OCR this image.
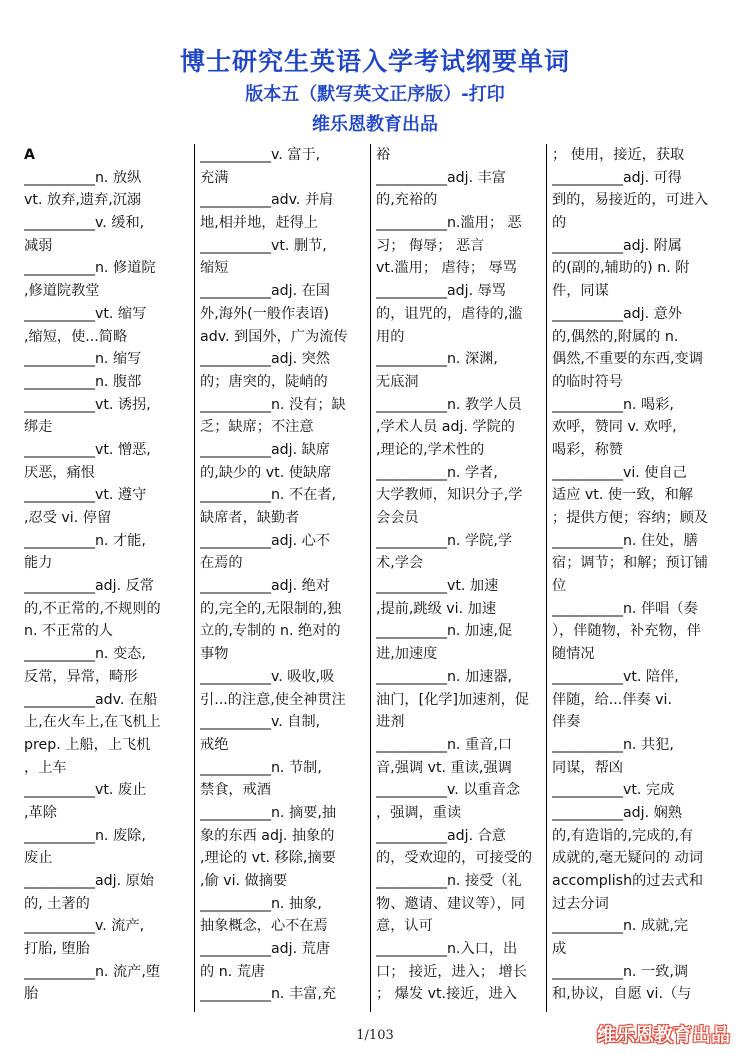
博士研究生英语入学考试纲要单词
版本五（默写英文正序版）-打印
维乐恩教育出品
A
__________n. 放纵
vt. 放弃,遗弃,沉溺
__________v. 缓和,
减弱
__________n. 修道院
,修道院教堂
__________vt. 缩写
,缩短，使...简略
__________n. 缩写
__________n. 腹部
__________vt. 诱拐,
绑走
__________vt. 憎恶,
厌恶，痛恨
__________vt. 遵守
,忍受 vi. 停留
__________n. 才能,
能力
__________adj. 反常
的,不正常的,不规则的
n. 不正常的人
__________n. 变态,
反常，异常，畸形
__________adv. 在船
上,在火车上,在飞机上
prep. 上船，上飞机
，上车
__________vt. 废止
,革除
__________n. 废除,
废止
__________adj. 原始
的, 土著的
__________v. 流产,
打胎, 堕胎
__________n. 流产,堕
胎
__________v. 富于,
充满
__________adv. 并肩
地,相并地，赶得上
__________vt. 删节,
缩短
__________adj. 在国
外,海外(一般作表语)
adv. 到国外，广为流传
__________adj. 突然
的；唐突的，陡峭的
__________n. 没有；缺
乏；缺席；不注意
__________adj. 缺席
的,缺少的 vt. 使缺席
__________n. 不在者,
缺席者，缺勤者
__________adj. 心不
在焉的
__________adj. 绝对
的,完全的,无限制的,独
立的,专制的 n. 绝对的
事物
__________v. 吸收,吸
引...的注意,使全神贯注
__________v. 自制,
戒绝
__________n. 节制,
禁食，戒酒
__________n. 摘要,抽
象的东西 adj. 抽象的
,理论的 vt. 移除,摘要
,偷 vi. 做摘要
__________n. 抽象,
抽象概念，心不在焉
__________adj. 荒唐
的 n. 荒唐
__________n. 丰富,充
裕
__________adj. 丰富
的,充裕的
__________n.滥用； 恶
习； 侮辱； 恶言
vt.滥用； 虐待； 辱骂
__________adj. 辱骂
的，诅咒的，虐待的,滥
用的
__________n. 深渊,
无底洞
__________n. 教学人员
,学术人员 adj. 学院的
,理论的,学术性的
__________n. 学者,
大学教师，知识分子,学
会会员
__________n. 学院,学
术,学会
__________vt. 加速
,提前,跳级 vi. 加速
__________n. 加速,促
进,加速度
__________n. 加速器,
油门，[化学]加速剂，促
进剂
__________n. 重音,口
音,强调 vt. 重读,强调
__________v. 以重音念
，强调，重读
__________adj. 合意
的，受欢迎的，可接受的
__________n. 接受（礼
物、邀请、建议等），同
意，认可
__________n.入口，出
口； 接近，进入； 增长
； 爆发 vt.接近，进入
； 使用，接近，获取
__________adj. 可得
到的，易接近的，可进入
的
__________adj. 附属
的(副的,辅助的) n. 附
件，同谋
__________adj. 意外
的,偶然的,附属的 n.
偶然,不重要的东西,变调
的临时符号
__________n. 喝彩,
欢呼，赞同 v. 欢呼,
喝彩，称赞
__________vi. 使自己
适应 vt. 使一致，和解
；提供方便；容纳；顾及
__________n. 住处，膳
宿；调节；和解；预订铺
位
__________n. 伴唱（奏
），伴随物，补充物，伴
随情况
__________vt. 陪伴,
伴随，给...伴奏 vi.
伴奏
__________n. 共犯,
同谋，帮凶
__________vt. 完成
__________adj. 娴熟
的,有造诣的,完成的,有
成就的,毫无疑问的 动词
accomplish的过去式和
过去分词
__________n. 成就,完
成
__________n. 一致,调
和,协议，自愿 vi.（与
1/103	维乐恩教育出品
